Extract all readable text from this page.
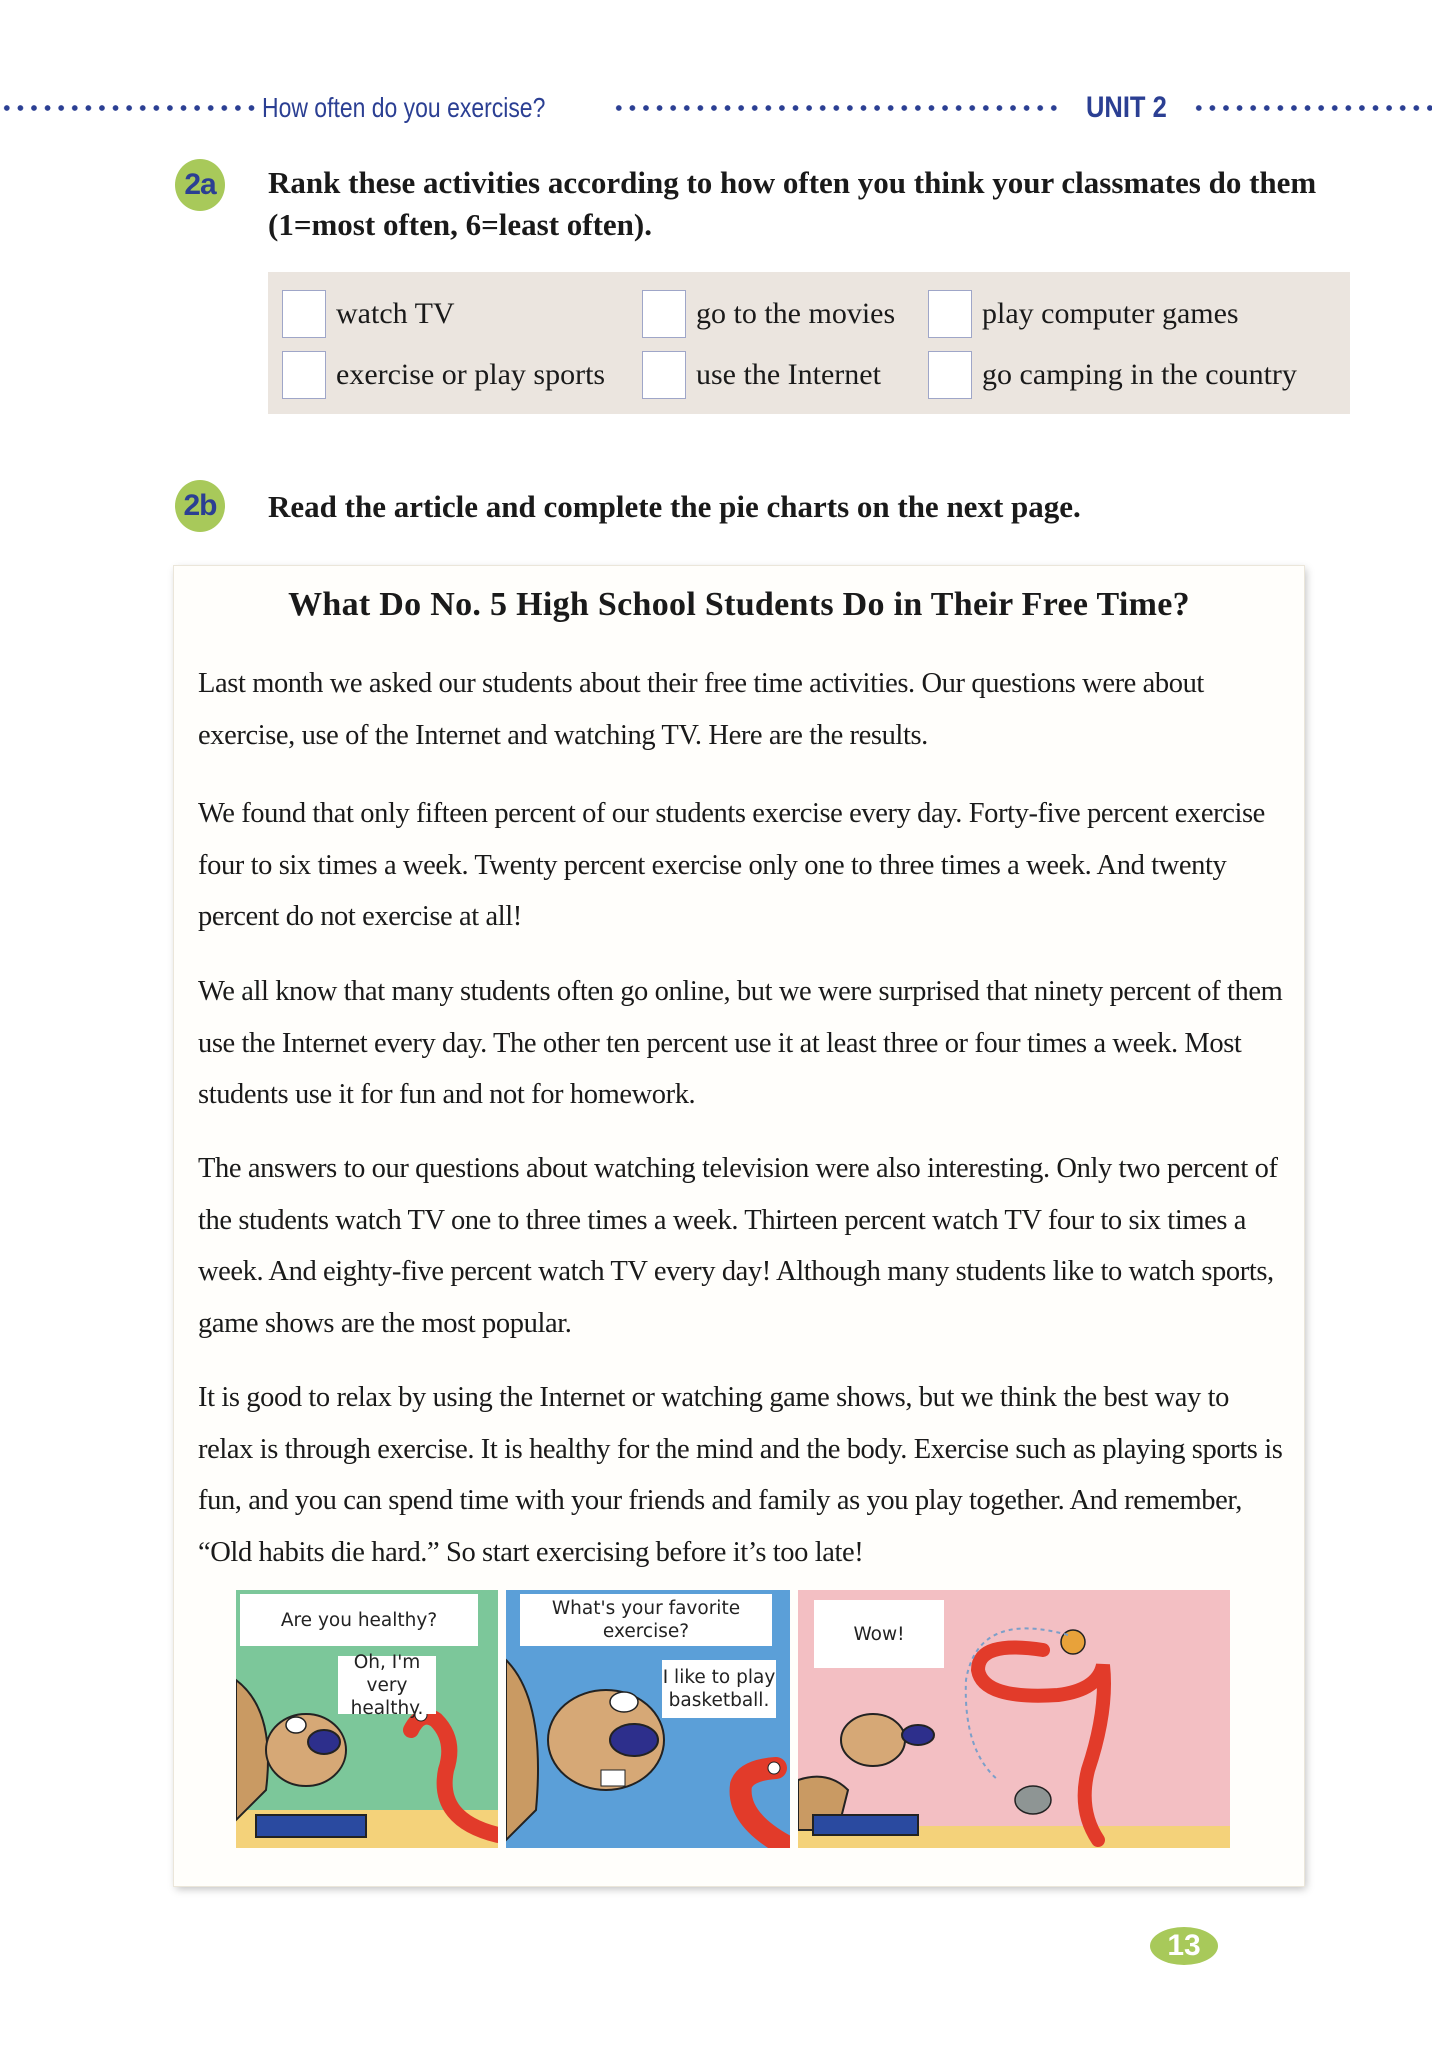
How often do you exercise?	UNIT 2
2a	Rank these activities according to how often you think your classmates do them (1=most often, 6=least often).
watch TV	go to the movies	play computer games
exercise or play sports	use the Internet	go camping in the country
2b Read the article and complete the pie charts on the next page.
What Do No. 5 High School Students Do in Their Free Time?

Last month we asked our students about their free time activities. Our questions were about exercise, use of the Internet and watching TV. Here are the results.

We found that only fifteen percent of our students exercise every day. Forty-five percent exercise four to six times a week. Twenty percent exercise only one to three times a week. And twenty percent do not exercise at all!

We all know that many students often go online, but we were surprised that ninety percent of them use the Internet every day. The other ten percent use it at least three or four times a week. Most students use it for fun and not for homework.

The answers to our questions about watching television were also interesting. Only two percent of the students watch TV one to three times a week. Thirteen percent watch TV four to six times a week. And eighty-five percent watch TV every day! Although many students like to watch sports, game shows are the most popular.

It is good to relax by using the Internet or watching game shows, but we think the best way to relax is through exercise. It is healthy for the mind and the body. Exercise such as playing sports is fun, and you can spend time with your friends and family as you play together. And remember, “Old habits die hard.” So start exercising before it’s too late!

Are you healthy?
Oh, I'm very healthy.
What's your favorite exercise?
I like to play basketball.
Wow!
13
